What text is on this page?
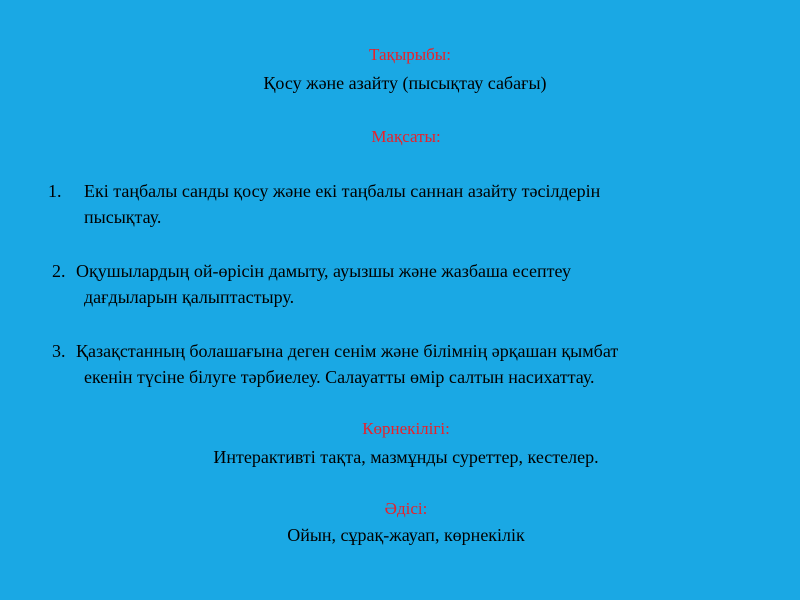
Тақырыбы:
Қосу және азайту (пысықтау сабағы)
Мақсаты:
1. Екі таңбалы санды қосу және екі таңбалы саннан азайту тәсілдерін
пысықтау.
2. Оқушылардың ой-өрісін дамыту, ауызшы және жазбаша есептеу
дағдыларын қалыптастыру.
3. Қазақстанның болашағына деген сенім және білімнің әрқашан қымбат
екенін түсіне білуге тәрбиелеу. Салауатты өмір салтын насихаттау.
Көрнекілігі:
Интерактивті тақта, мазмұнды суреттер, кестелер.
Әдісі:
Ойын, сұрақ-жауап, көрнекілік
